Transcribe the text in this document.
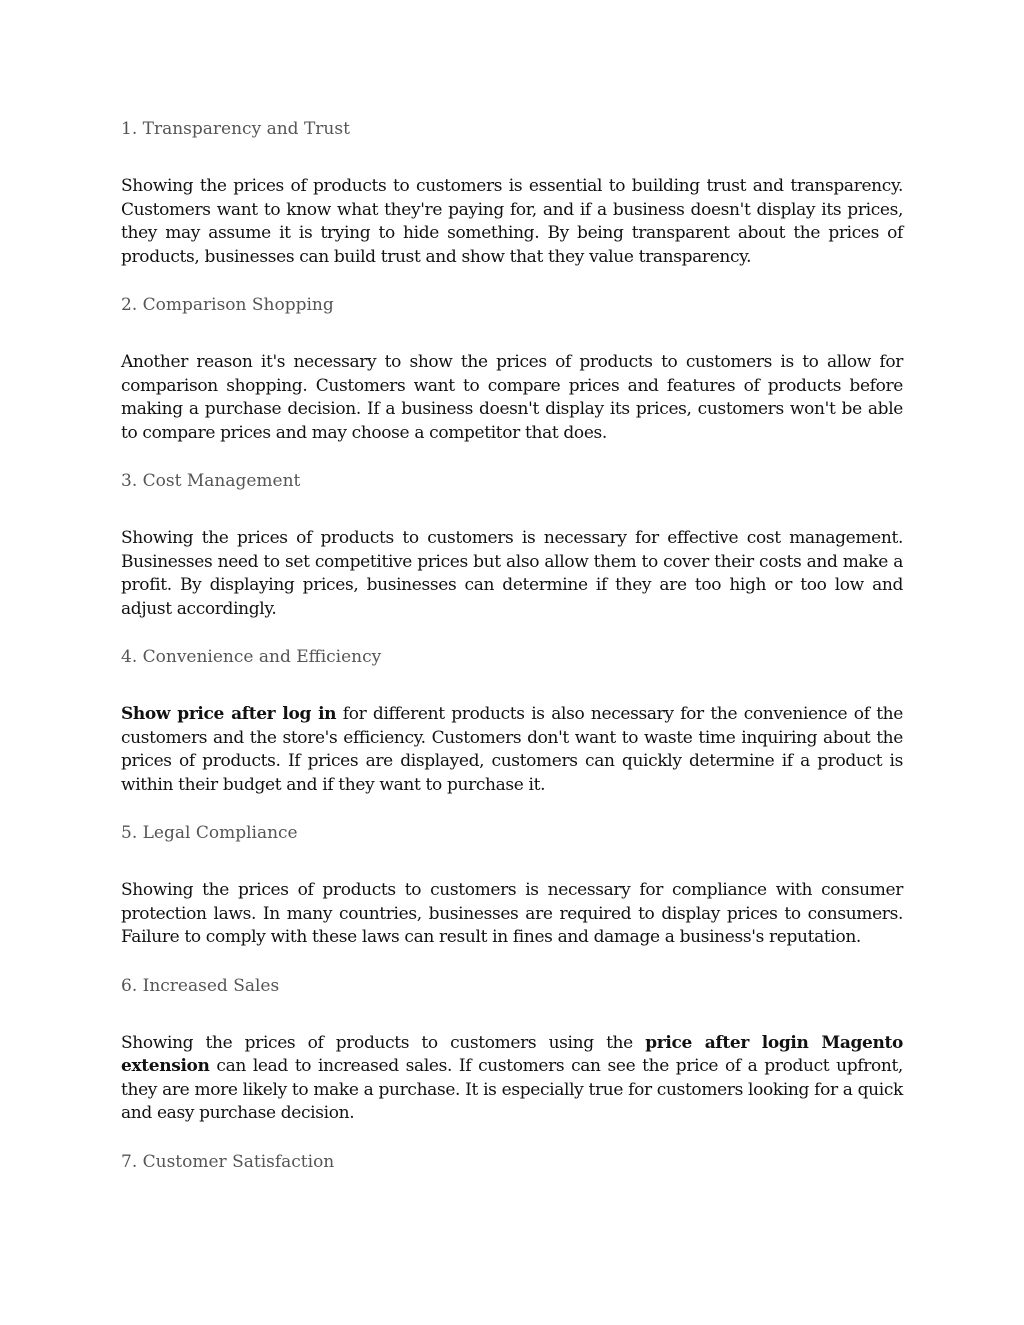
1. Transparency and Trust

Showing the prices of products to customers is essential to building trust and transparency. Customers want to know what they're paying for, and if a business doesn't display its prices, they may assume it is trying to hide something. By being transparent about the prices of products, businesses can build trust and show that they value transparency.

2. Comparison Shopping

Another reason it's necessary to show the prices of products to customers is to allow for comparison shopping. Customers want to compare prices and features of products before making a purchase decision. If a business doesn't display its prices, customers won't be able to compare prices and may choose a competitor that does.

3. Cost Management

Showing the prices of products to customers is necessary for effective cost management. Businesses need to set competitive prices but also allow them to cover their costs and make a profit. By displaying prices, businesses can determine if they are too high or too low and adjust accordingly.

4. Convenience and Efficiency

Show price after log in for different products is also necessary for the convenience of the customers and the store's efficiency. Customers don't want to waste time inquiring about the prices of products. If prices are displayed, customers can quickly determine if a product is within their budget and if they want to purchase it.

5. Legal Compliance

Showing the prices of products to customers is necessary for compliance with consumer protection laws. In many countries, businesses are required to display prices to consumers. Failure to comply with these laws can result in fines and damage a business's reputation.

6. Increased Sales

Showing the prices of products to customers using the price after login Magento extension can lead to increased sales. If customers can see the price of a product upfront, they are more likely to make a purchase. It is especially true for customers looking for a quick and easy purchase decision.

7. Customer Satisfaction
